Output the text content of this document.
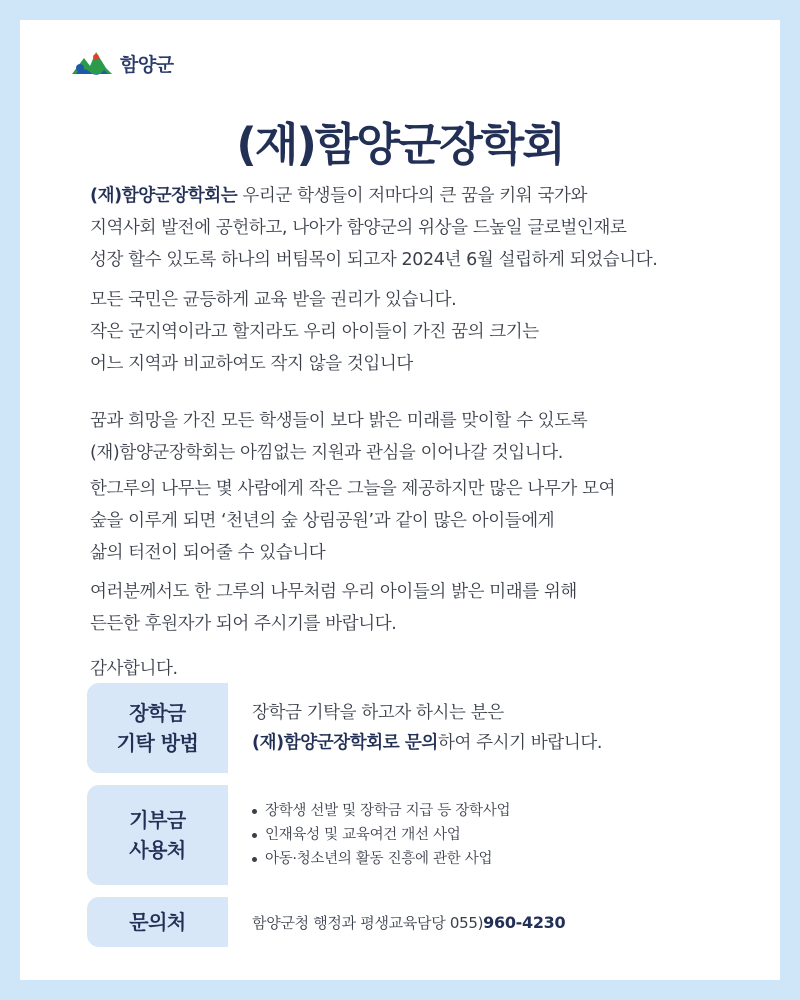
함양군
(재)함양군장학회

(재)함양군장학회는 우리군 학생들이 저마다의 큰 꿈을 키워 국가와
지역사회 발전에 공헌하고, 나아가 함양군의 위상을 드높일 글로벌인재로
성장 할수 있도록 하나의 버팀목이 되고자 2024년 6월 설립하게 되었습니다.

모든 국민은 균등하게 교육 받을 권리가 있습니다.
작은 군지역이라고 할지라도 우리 아이들이 가진 꿈의 크기는
어느 지역과 비교하여도 작지 않을 것입니다

꿈과 희망을 가진 모든 학생들이 보다 밝은 미래를 맞이할 수 있도록
(재)함양군장학회는 아낌없는 지원과 관심을 이어나갈 것입니다.

한그루의 나무는 몇 사람에게 작은 그늘을 제공하지만 많은 나무가 모여
숲을 이루게 되면 ‘천년의 숲 상림공원’과 같이 많은 아이들에게
삶의 터전이 되어줄 수 있습니다

여러분께서도 한 그루의 나무처럼 우리 아이들의 밝은 미래를 위해
든든한 후원자가 되어 주시기를 바랍니다.

감사합니다.

장학금
기탁 방법
장학금 기탁을 하고자 하시는 분은
(재)함양군장학회로 문의하여 주시기 바랍니다.
기부금
사용처
장학생 선발 및 장학금 지급 등 장학사업
인재육성 및 교육여건 개선 사업
아동·청소년의 활동 진흥에 관한 사업
문의처	함양군청 행정과 평생교육담당 055)960-4230
